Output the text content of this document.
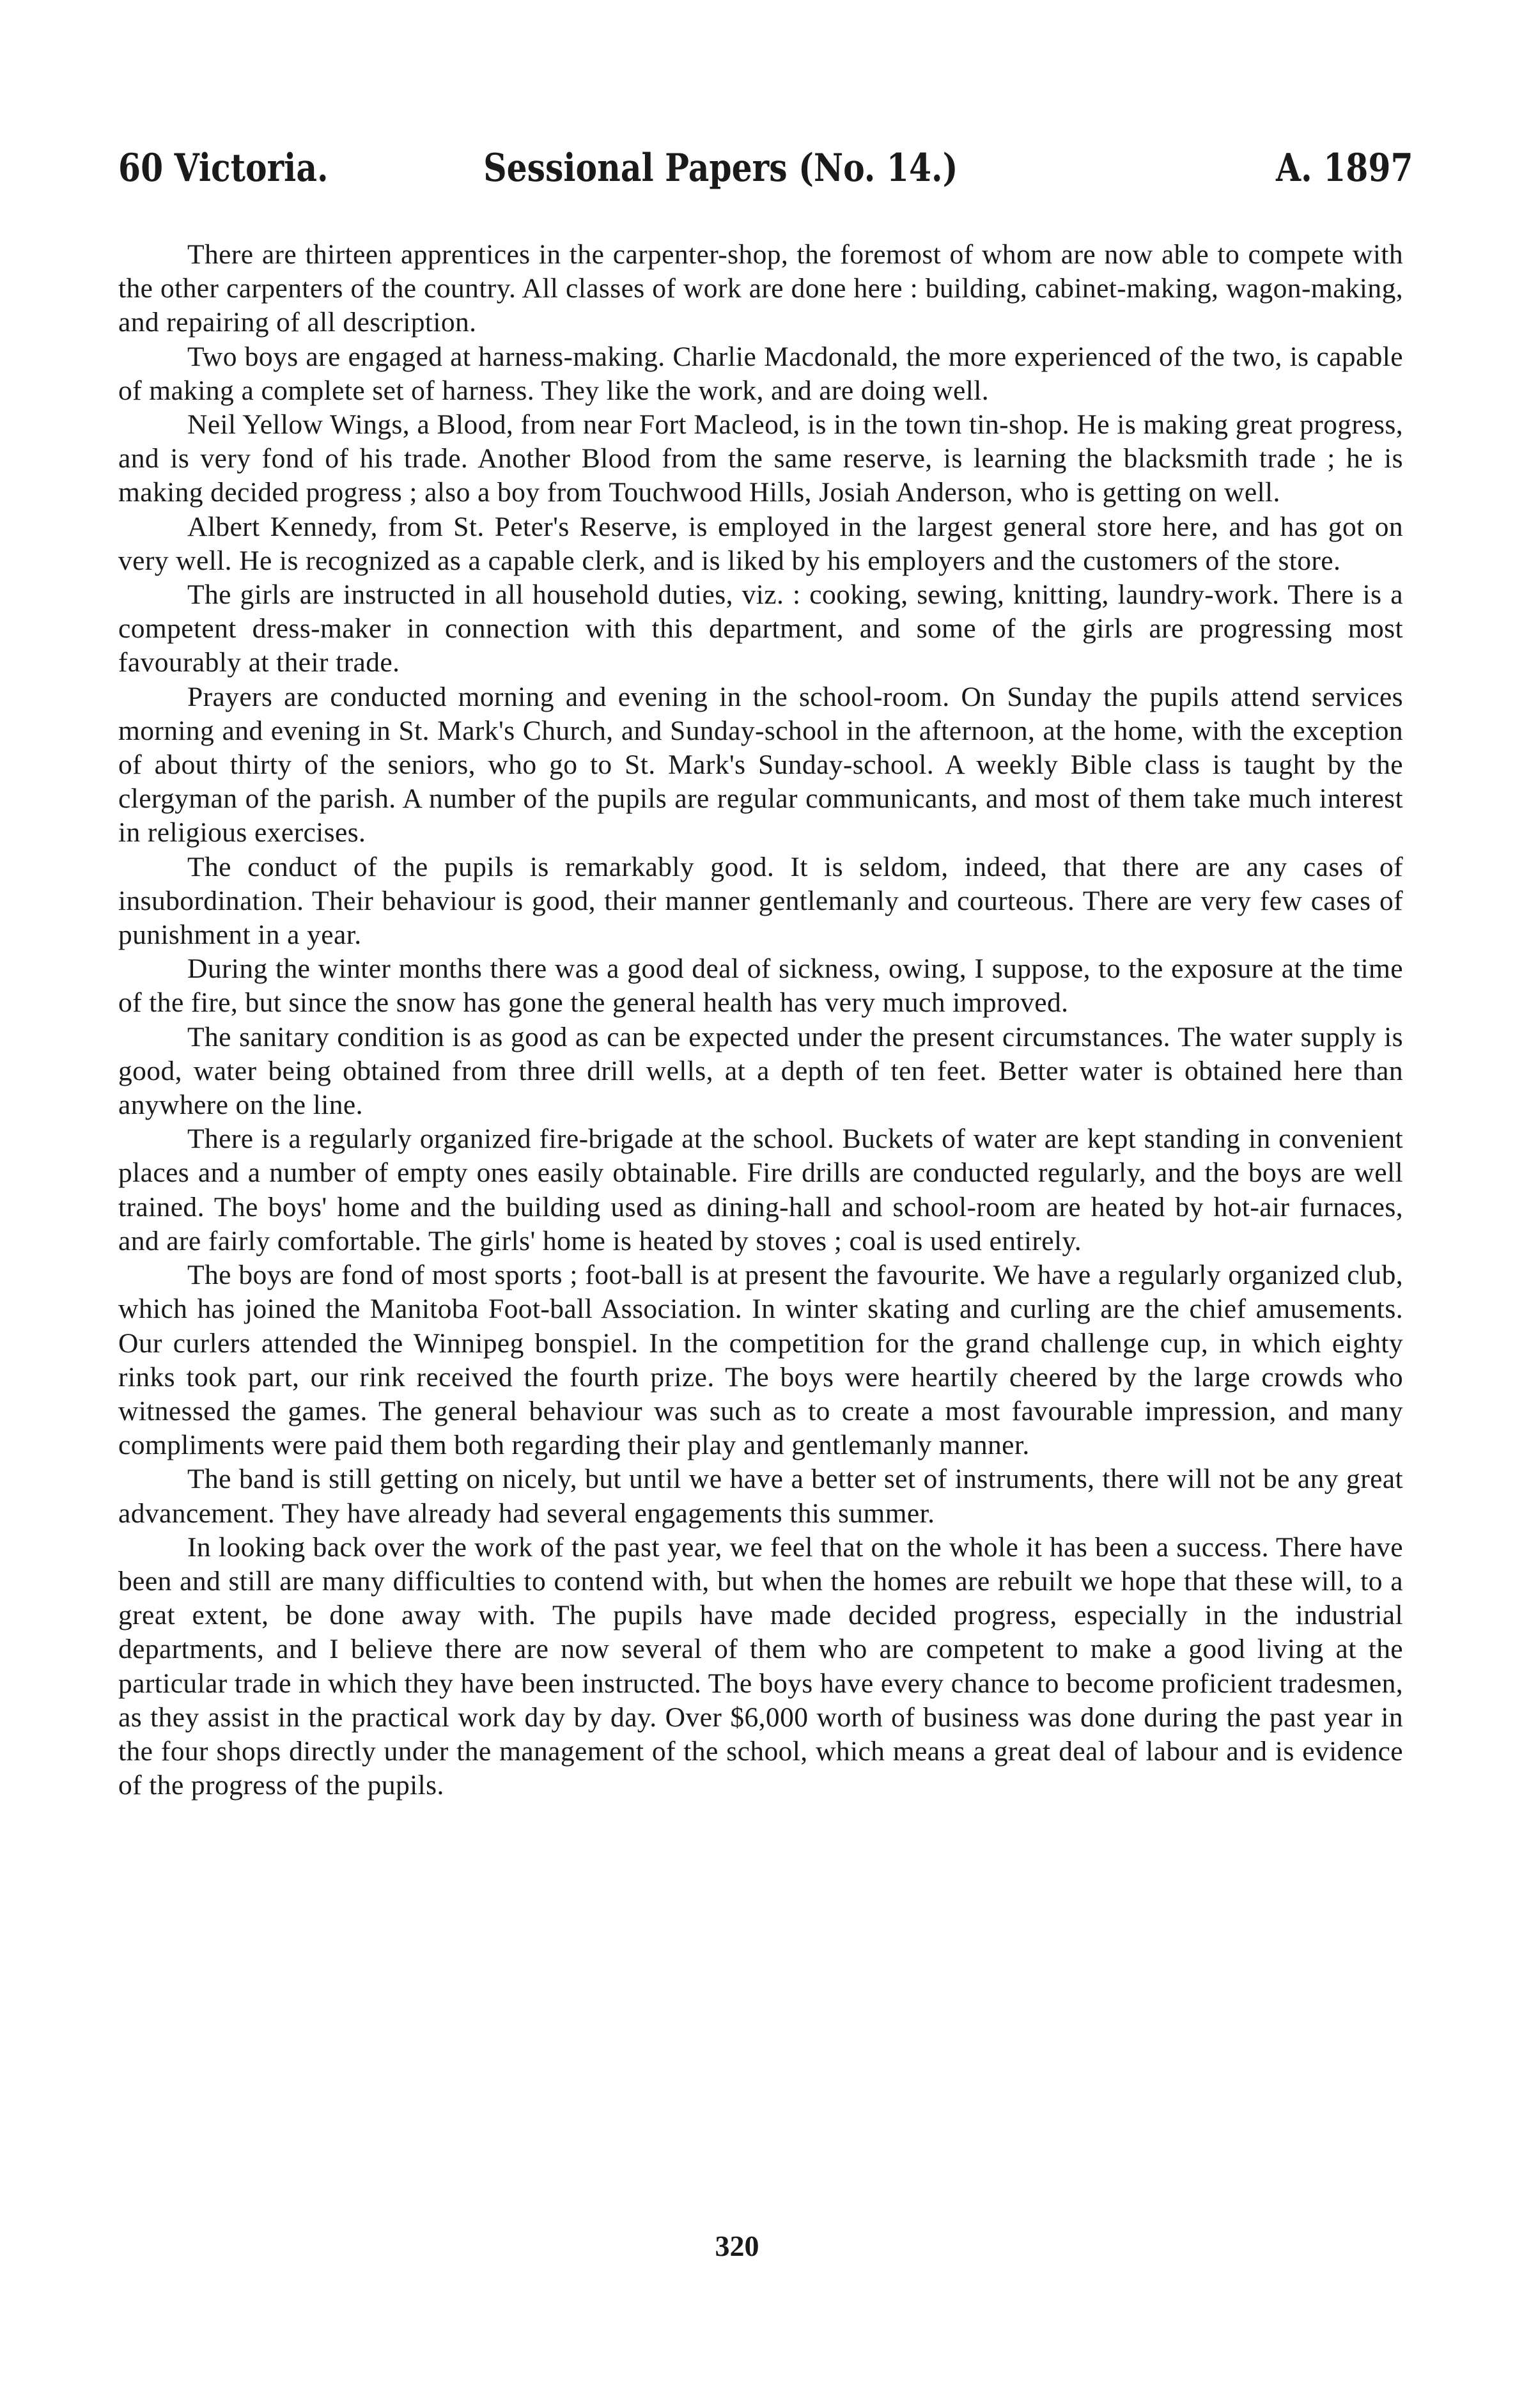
60 Victoria.	Sessional Papers (No. 14.)	A. 1897

There are thirteen apprentices in the carpenter-shop, the foremost of whom are now able to compete with the other carpenters of the country. All classes of work are done here : building, cabinet-making, wagon-making, and repairing of all description.

Two boys are engaged at harness-making. Charlie Macdonald, the more experienced of the two, is capable of making a complete set of harness. They like the work, and are doing well.

Neil Yellow Wings, a Blood, from near Fort Macleod, is in the town tin-shop. He is making great progress, and is very fond of his trade. Another Blood from the same reserve, is learning the blacksmith trade ; he is making decided progress ; also a boy from Touchwood Hills, Josiah Anderson, who is getting on well.

Albert Kennedy, from St. Peter's Reserve, is employed in the largest general store here, and has got on very well. He is recognized as a capable clerk, and is liked by his employers and the customers of the store.

The girls are instructed in all household duties, viz. : cooking, sewing, knitting, laundry-work. There is a competent dress-maker in connection with this department, and some of the girls are progressing most favourably at their trade.

Prayers are conducted morning and evening in the school-room. On Sunday the pupils attend services morning and evening in St. Mark's Church, and Sunday-school in the afternoon, at the home, with the exception of about thirty of the seniors, who go to St. Mark's Sunday-school. A weekly Bible class is taught by the clergyman of the parish. A number of the pupils are regular communicants, and most of them take much interest in religious exercises.

The conduct of the pupils is remarkably good. It is seldom, indeed, that there are any cases of insubordination. Their behaviour is good, their manner gentlemanly and courteous. There are very few cases of punishment in a year.

During the winter months there was a good deal of sickness, owing, I suppose, to the exposure at the time of the fire, but since the snow has gone the general health has very much improved.

The sanitary condition is as good as can be expected under the present circumstances. The water supply is good, water being obtained from three drill wells, at a depth of ten feet. Better water is obtained here than anywhere on the line.

There is a regularly organized fire-brigade at the school. Buckets of water are kept standing in convenient places and a number of empty ones easily obtainable. Fire drills are conducted regularly, and the boys are well trained. The boys' home and the building used as dining-hall and school-room are heated by hot-air furnaces, and are fairly comfortable. The girls' home is heated by stoves ; coal is used entirely.

The boys are fond of most sports ; foot-ball is at present the favourite. We have a regularly organized club, which has joined the Manitoba Foot-ball Association. In winter skating and curling are the chief amusements. Our curlers attended the Winnipeg bonspiel. In the competition for the grand challenge cup, in which eighty rinks took part, our rink received the fourth prize. The boys were heartily cheered by the large crowds who witnessed the games. The general behaviour was such as to create a most favourable impression, and many compliments were paid them both regarding their play and gentlemanly manner.

The band is still getting on nicely, but until we have a better set of instruments, there will not be any great advancement. They have already had several engagements this summer.

In looking back over the work of the past year, we feel that on the whole it has been a success. There have been and still are many difficulties to contend with, but when the homes are rebuilt we hope that these will, to a great extent, be done away with. The pupils have made decided progress, especially in the industrial departments, and I believe there are now several of them who are competent to make a good living at the particular trade in which they have been instructed. The boys have every chance to become proficient tradesmen, as they assist in the practical work day by day. Over $6,000 worth of business was done during the past year in the four shops directly under the management of the school, which means a great deal of labour and is evidence of the progress of the pupils.

320
